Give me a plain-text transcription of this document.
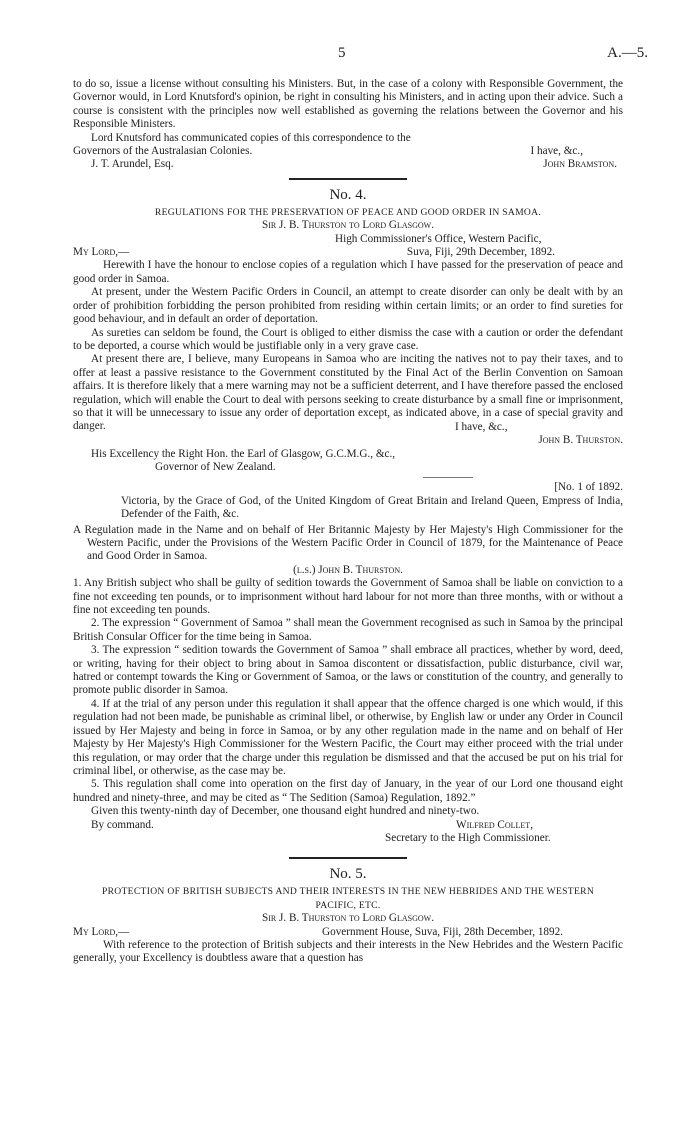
5	A.—5.

to do so, issue a license without consulting his Ministers. But, in the case of a colony with Responsible Government, the Governor would, in Lord Knutsford's opinion, be right in consulting his Ministers, and in acting upon their advice. Such a course is consistent with the principles now well established as governing the relations between the Governor and his Responsible Ministers.

Lord Knutsford has communicated copies of this correspondence to the Governors of the Australasian Colonies.	I have, &c.,
J. T. Arundel, Esq.	John Bramston.
No. 4.
REGULATIONS FOR THE PRESERVATION OF PEACE AND GOOD ORDER IN SAMOA.
Sir J. B. Thurston to Lord Glasgow.
High Commissioner's Office, Western Pacific,
My Lord,—	Suva, Fiji, 29th December, 1892.

Herewith I have the honour to enclose copies of a regulation which I have passed for the preservation of peace and good order in Samoa.

At present, under the Western Pacific Orders in Council, an attempt to create disorder can only be dealt with by an order of prohibition forbidding the person prohibited from residing within certain limits; or an order to find sureties for good behaviour, and in default an order of deportation.

As sureties can seldom be found, the Court is obliged to either dismiss the case with a caution or order the defendant to be deported, a course which would be justifiable only in a very grave case.

At present there are, I believe, many Europeans in Samoa who are inciting the natives not to pay their taxes, and to offer at least a passive resistance to the Government constituted by the Final Act of the Berlin Convention on Samoan affairs. It is therefore likely that a mere warning may not be a sufficient deterrent, and I have therefore passed the enclosed regulation, which will enable the Court to deal with persons seeking to create disturbance by a small fine or imprisonment, so that it will be unnecessary to issue any order of deportation except, as indicated above, in a case of special gravity and danger.	I have, &c.,
John B. Thurston.
His Excellency the Right Hon. the Earl of Glasgow, G.C.M.G., &c.,
Governor of New Zealand.
[No. 1 of 1892.

Victoria, by the Grace of God, of the United Kingdom of Great Britain and Ireland Queen, Empress of India, Defender of the Faith, &c.

A Regulation made in the Name and on behalf of Her Britannic Majesty by Her Majesty's High Commissioner for the Western Pacific, under the Provisions of the Western Pacific Order in Council of 1879, for the Maintenance of Peace and Good Order in Samoa.

(l.s.) John B. Thurston.

1. Any British subject who shall be guilty of sedition towards the Government of Samoa shall be liable on conviction to a fine not exceeding ten pounds, or to imprisonment without hard labour for not more than three months, with or without a fine not exceeding ten pounds.

2. The expression “ Government of Samoa ” shall mean the Government recognised as such in Samoa by the principal British Consular Officer for the time being in Samoa.

3. The expression “ sedition towards the Government of Samoa ” shall embrace all practices, whether by word, deed, or writing, having for their object to bring about in Samoa discontent or dissatisfaction, public disturbance, civil war, hatred or contempt towards the King or Government of Samoa, or the laws or constitution of the country, and generally to promote public disorder in Samoa.

4. If at the trial of any person under this regulation it shall appear that the offence charged is one which would, if this regulation had not been made, be punishable as criminal libel, or otherwise, by English law or under any Order in Council issued by Her Majesty and being in force in Samoa, or by any other regulation made in the name and on behalf of Her Majesty by Her Majesty's High Commissioner for the Western Pacific, the Court may either proceed with the trial under this regulation, or may order that the charge under this regulation be dismissed and that the accused be put on his trial for criminal libel, or otherwise, as the case may be.

5. This regulation shall come into operation on the first day of January, in the year of our Lord one thousand eight hundred and ninety-three, and may be cited as “ The Sedition (Samoa) Regulation, 1892.”

Given this twenty-ninth day of December, one thousand eight hundred and ninety-two.
By command.	Wilfred Collet,
Secretary to the High Commissioner.
No. 5.
PROTECTION OF BRITISH SUBJECTS AND THEIR INTERESTS IN THE NEW HEBRIDES AND THE WESTERN PACIFIC, ETC.
Sir J. B. Thurston to Lord Glasgow.
My Lord,—	Government House, Suva, Fiji, 28th December, 1892.

With reference to the protection of British subjects and their interests in the New Hebrides and the Western Pacific generally, your Excellency is doubtless aware that a question has
